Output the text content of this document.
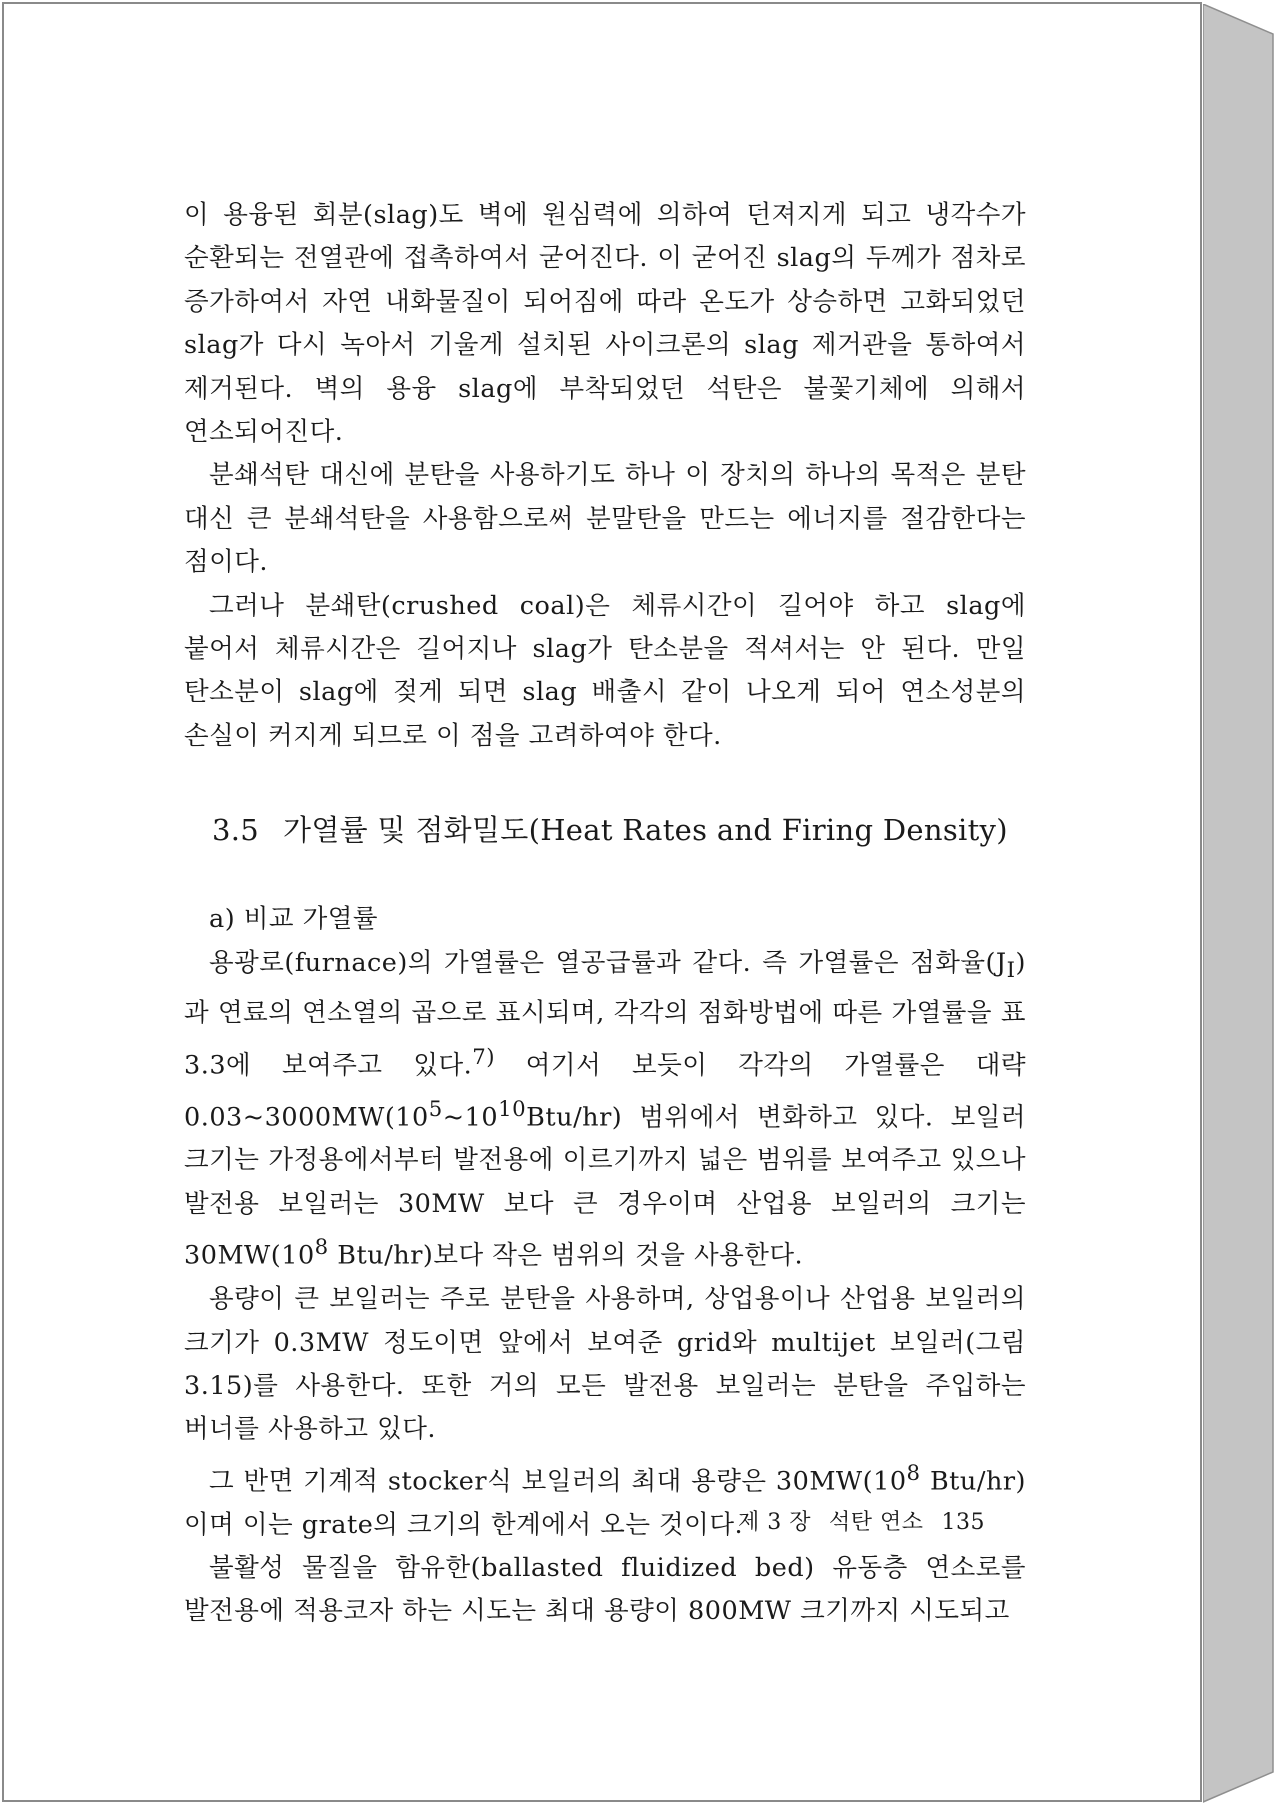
이 용융된 회분(slag)도 벽에 원심력에 의하여 던져지게 되고 냉각수가 순환되는 전열관에 접촉하여서 굳어진다. 이 굳어진 slag의 두께가 점차로 증가하여서 자연 내화물질이 되어짐에 따라 온도가 상승하면 고화되었던 slag가 다시 녹아서 기울게 설치된 사이크론의 slag 제거관을 통하여서 제거된다. 벽의 용융 slag에 부착되었던 석탄은 불꽃기체에 의해서 연소되어진다.

분쇄석탄 대신에 분탄을 사용하기도 하나 이 장치의 하나의 목적은 분탄 대신 큰 분쇄석탄을 사용함으로써 분말탄을 만드는 에너지를 절감한다는 점이다.

그러나 분쇄탄(crushed coal)은 체류시간이 길어야 하고 slag에 붙어서 체류시간은 길어지나 slag가 탄소분을 적셔서는 안 된다. 만일 탄소분이 slag에 젖게 되면 slag 배출시 같이 나오게 되어 연소성분의 손실이 커지게 되므로 이 점을 고려하여야 한다.

3.5 가열률 및 점화밀도(Heat Rates and Firing Density)
a) 비교 가열률

용광로(furnace)의 가열률은 열공급률과 같다. 즉 가열률은 점화율$(J_I)$과 연료의 연소열의 곱으로 표시되며, 각각의 점화방법에 따른 가열률을 표 3.3에 보여주고 있다.$^{7)}$ 여기서 보듯이 각각의 가열률은 대략 $0.03\sim 3000MW(10^5\sim 10^{10}Btu/hr)$ 범위에서 변화하고 있다. 보일러 크기는 가정용에서부터 발전용에 이르기까지 넓은 범위를 보여주고 있으나 발전용 보일러는 30MW 보다 큰 경우이며 산업용 보일러의 크기는 $30MW(10^8$ Btu/hr)보다 작은 범위의 것을 사용한다.

용량이 큰 보일러는 주로 분탄을 사용하며, 상업용이나 산업용 보일러의 크기가 0.3MW 정도이면 앞에서 보여준 grid와 multijet 보일러(그림 3.15)를 사용한다. 또한 거의 모든 발전용 보일러는 분탄을 주입하는 버너를 사용하고 있다.

그 반면 기계적 stocker식 보일러의 최대 용량은 $30MW(10^8$ Btu/hr)이며 이는 grate의 크기의 한계에서 오는 것이다.

불활성 물질을 함유한(ballasted fluidized bed) 유동층 연소로를 발전용에 적용코자 하는 시도는 최대 용량이 800MW 크기까지 시도되고

제 3 장 석탄 연소 135
